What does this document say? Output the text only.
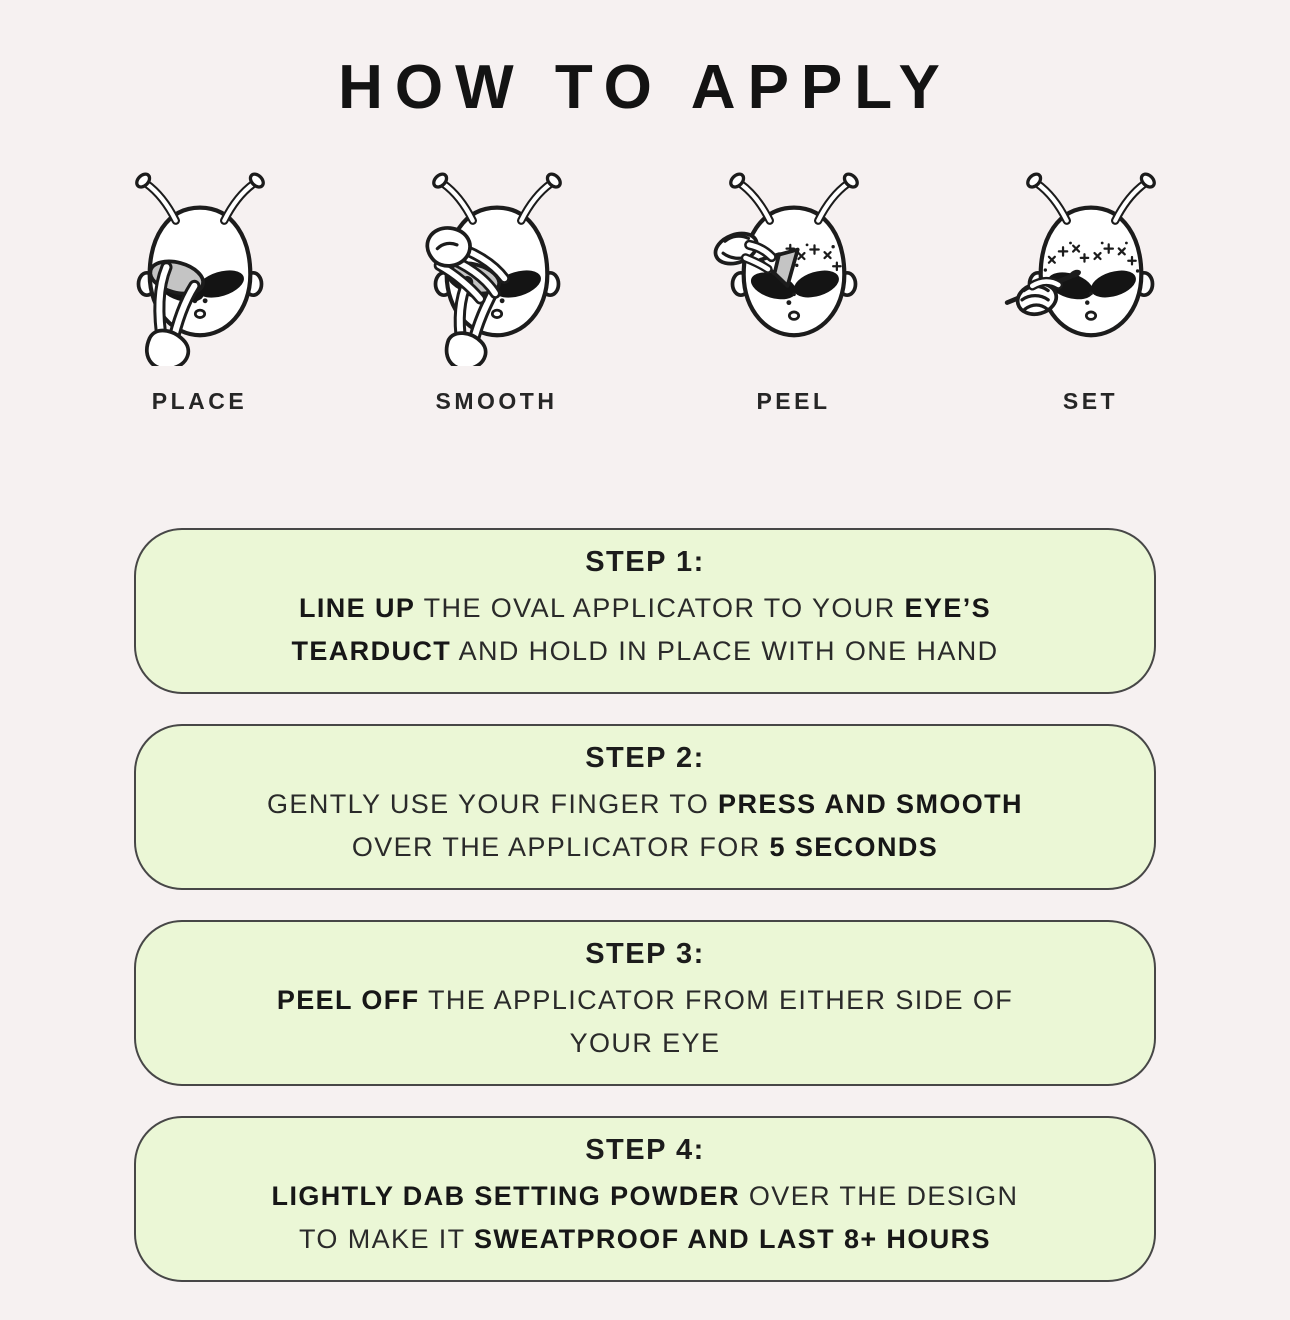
HOW TO APPLY
PLACE	SMOOTH	PEEL	SET
STEP 1:
LINE UP THE OVAL APPLICATOR TO YOUR EYE’S
TEARDUCT AND HOLD IN PLACE WITH ONE HAND
STEP 2:
GENTLY USE YOUR FINGER TO PRESS AND SMOOTH
OVER THE APPLICATOR FOR 5 SECONDS
STEP 3:
PEEL OFF THE APPLICATOR FROM EITHER SIDE OF
YOUR EYE
STEP 4:
LIGHTLY DAB SETTING POWDER OVER THE DESIGN
TO MAKE IT SWEATPROOF AND LAST 8+ HOURS
